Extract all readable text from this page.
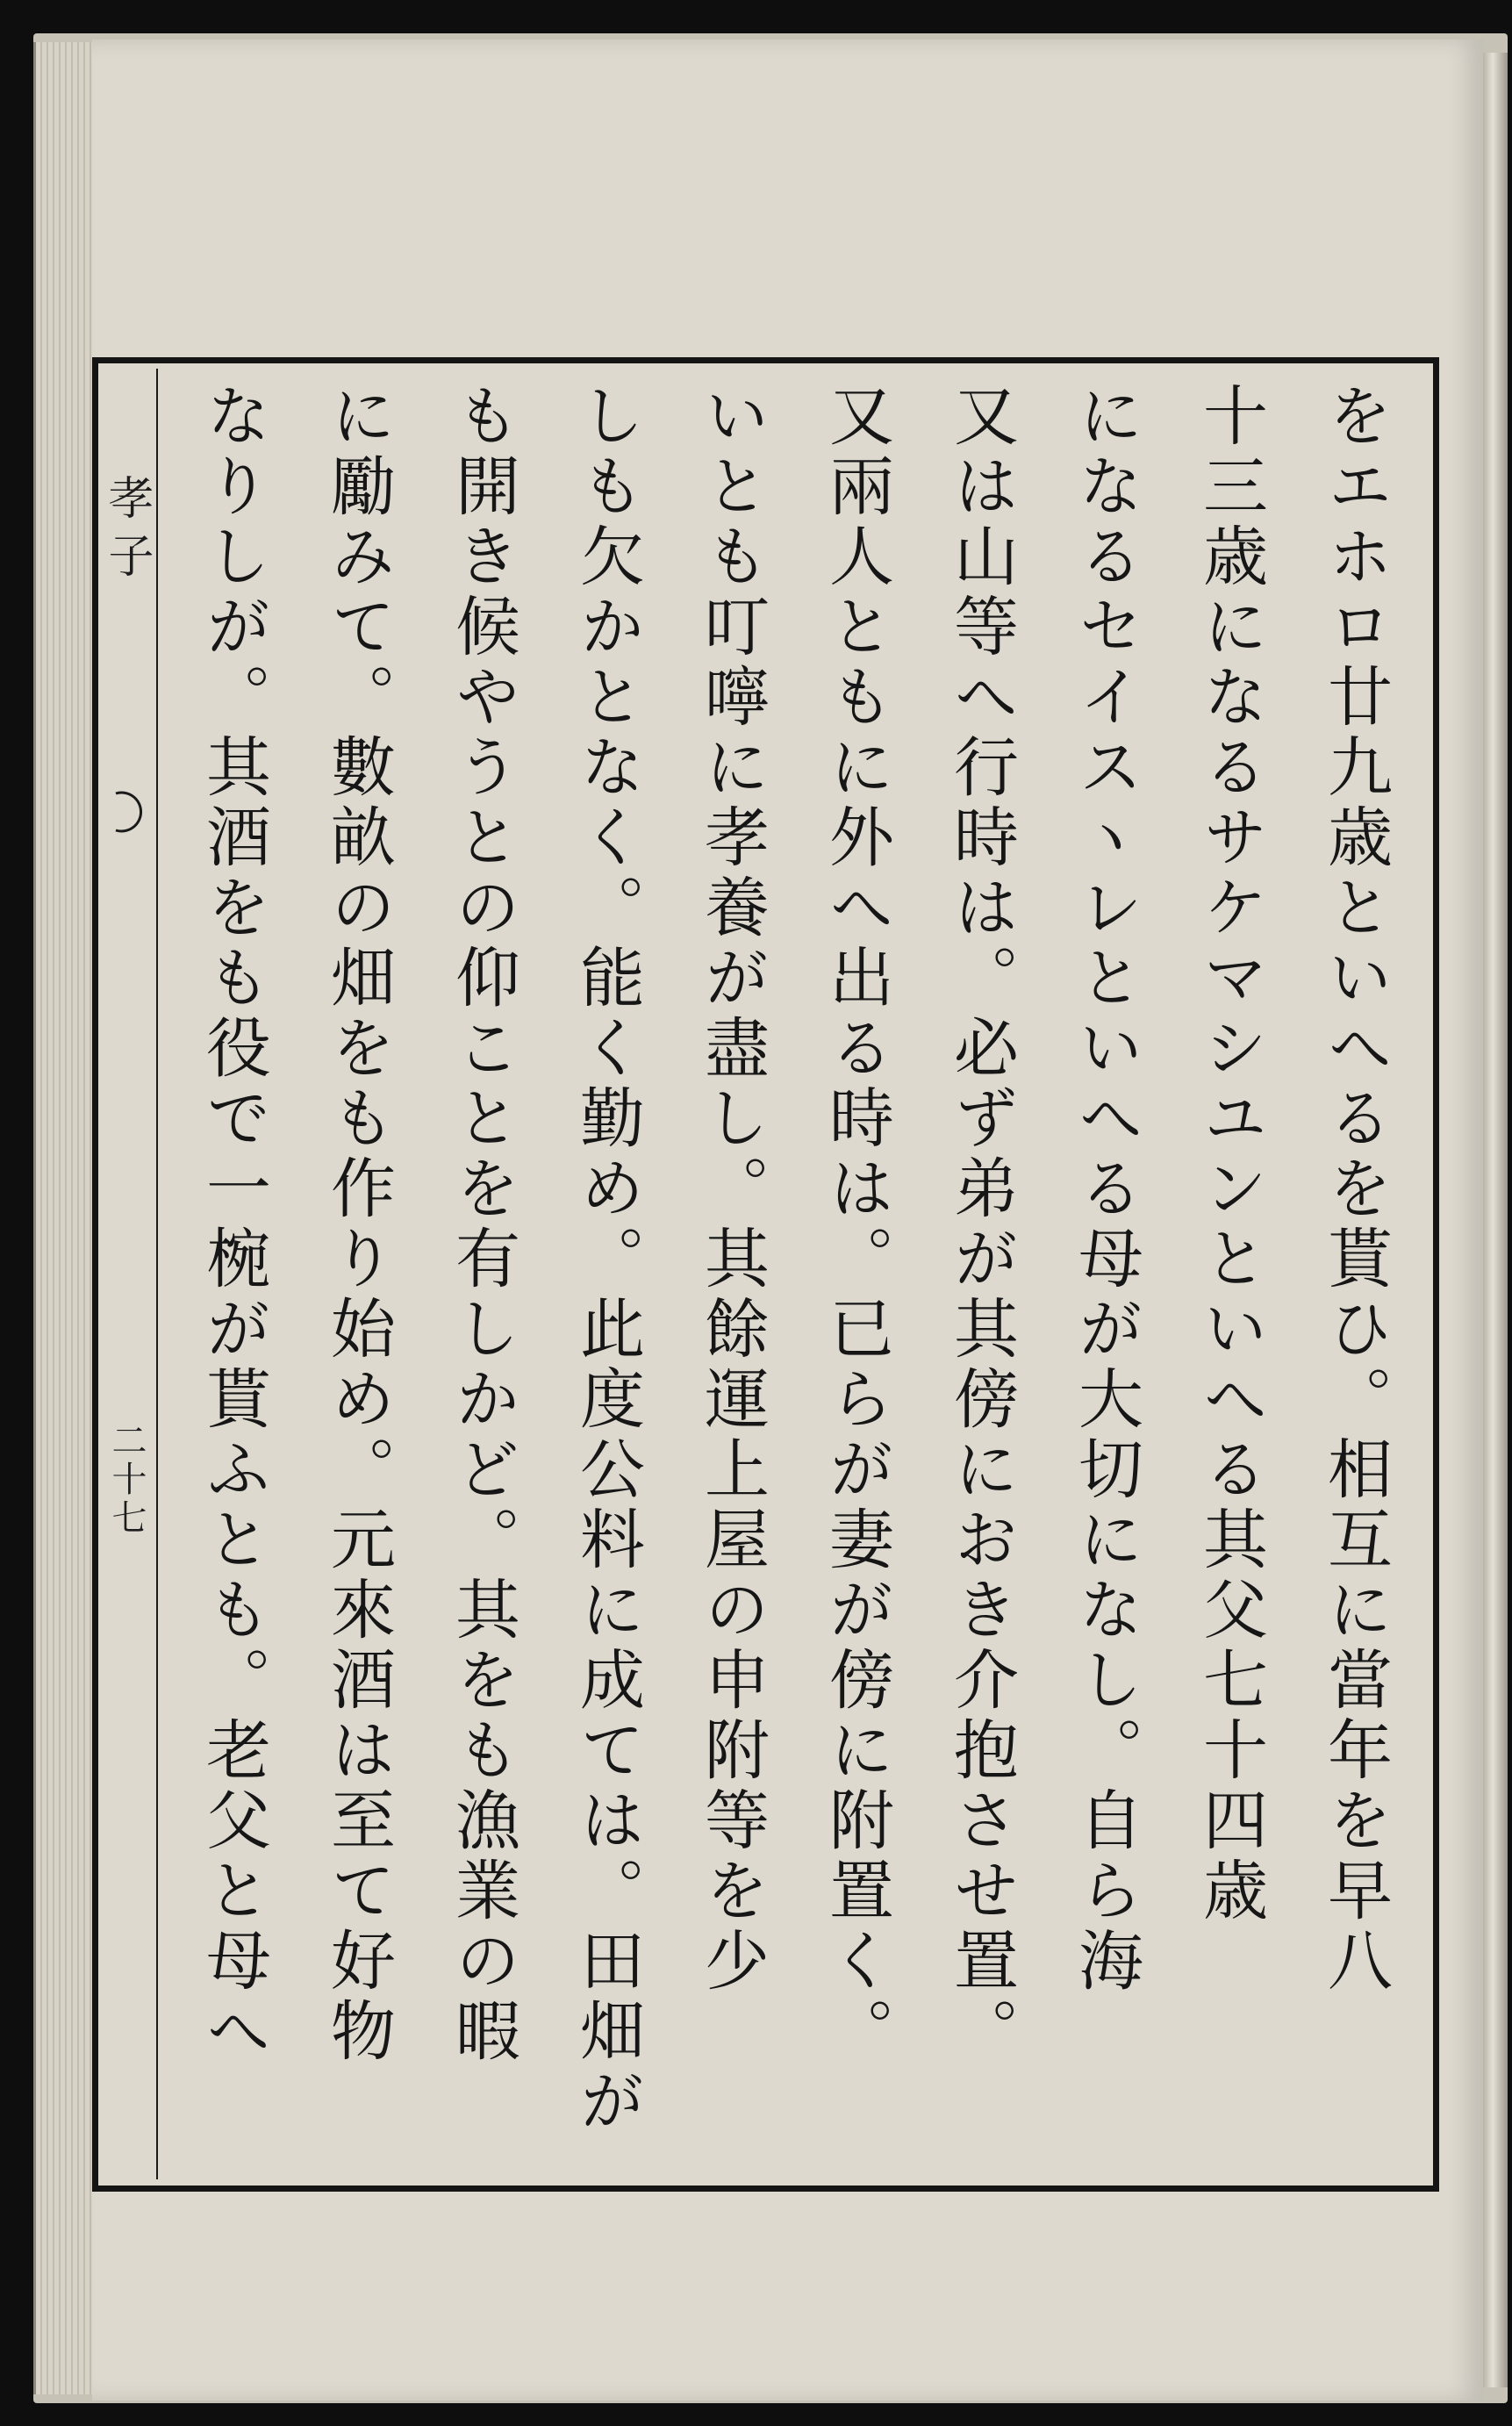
孝子
二十七	をエホロ廿九歳といへるを貰ひ。相互に當年を早八
十三歳になるサケマシユンといへる其父七十四歳
になるセイスヽレといへる母が大切になし。自ら海
又は山等へ行時は。必ず弟が其傍におき介抱させ置。
又兩人ともに外へ出る時は。已らが妻が傍に附置く。
いとも叮嚀に孝養が盡し。其餘運上屋の申附等を少
しも欠かとなく。能く勤め。此度公料に成ては。田畑が
も開き候やうとの仰ことを有しかど。其をも漁業の暇
に勵みて。數畝の畑をも作り始め。元來酒は至て好物
なりしが。其酒をも役で一椀が貰ふとも。老父と母へ
